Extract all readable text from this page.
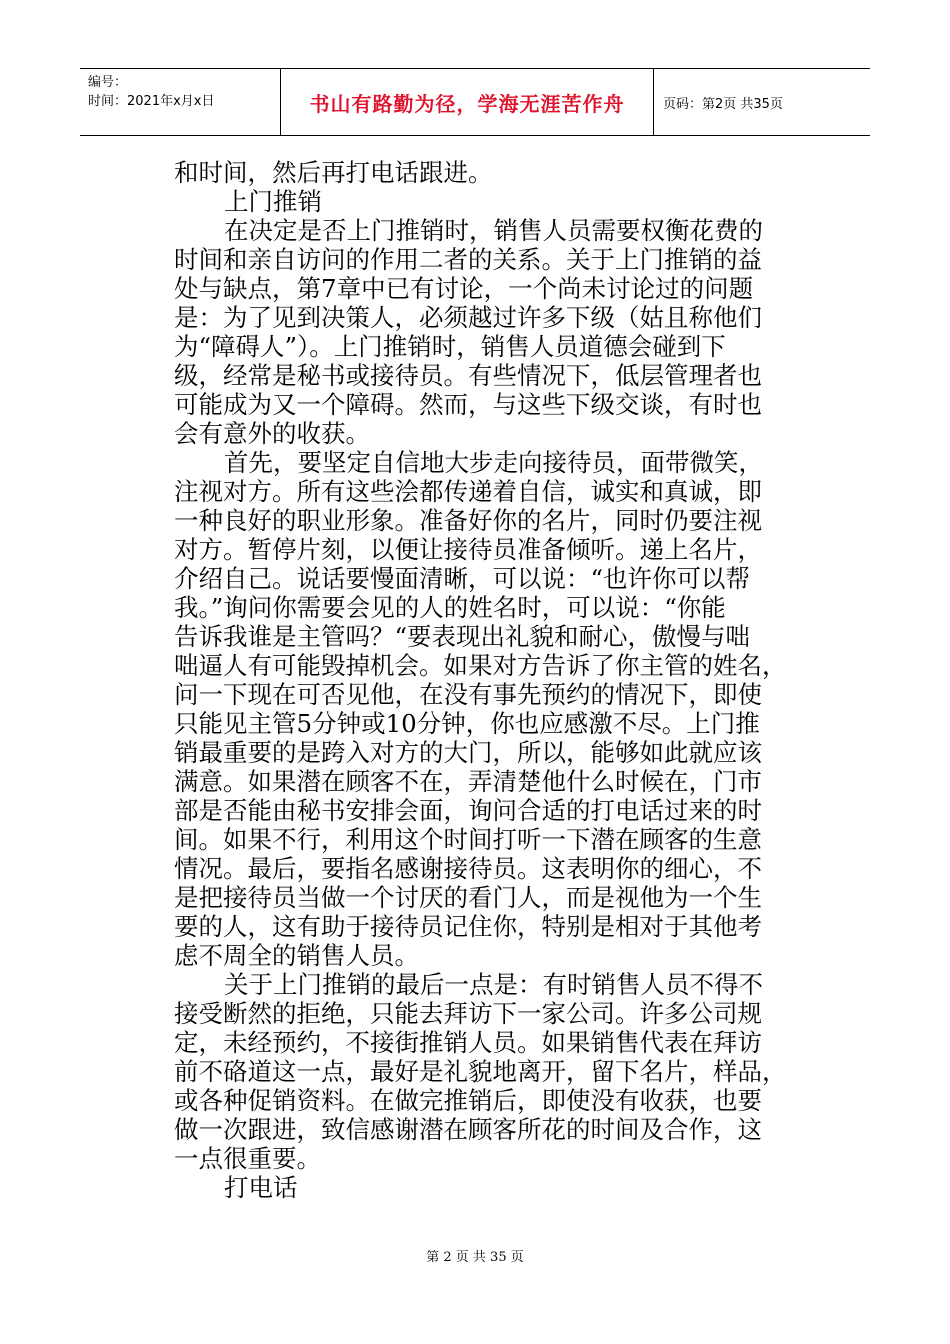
编号：
时间：2021年x月x日	书山有路勤为径，学海无涯苦作舟	页码：第2页 共35页
和时间，然后再打电话跟进。
上门推销
在决定是否上门推销时，销售人员需要权衡花费的
时间和亲自访问的作用二者的关系。关于上门推销的益
处与缺点，第7章中已有讨论，一个尚未讨论过的问题
是：为了见到决策人，必须越过许多下级（姑且称他们
为“障碍人”）。上门推销时，销售人员道德会碰到下
级，经常是秘书或接待员。有些情况下，低层管理者也
可能成为又一个障碍。然而，与这些下级交谈，有时也
会有意外的收获。
首先，要坚定自信地大步走向接待员，面带微笑，
注视对方。所有这些浍都传递着自信，诚实和真诚，即
一种良好的职业形象。准备好你的名片，同时仍要注视
对方。暂停片刻，以便让接待员准备倾听。递上名片，
介绍自己。说话要慢面清晰，可以说：“也许你可以帮
我。”询问你需要会见的人的姓名时，可以说：“你能
告诉我谁是主管吗？“要表现出礼貌和耐心，傲慢与咄
咄逼人有可能毁掉机会。如果对方告诉了你主管的姓名，
问一下现在可否见他，在没有事先预约的情况下，即使
只能见主管5分钟或10分钟，你也应感激不尽。上门推
销最重要的是跨入对方的大门，所以，能够如此就应该
满意。如果潜在顾客不在，弄清楚他什么时候在，门市
部是否能由秘书安排会面，询问合适的打电话过来的时
间。如果不行，利用这个时间打听一下潜在顾客的生意
情况。最后，要指名感谢接待员。这表明你的细心，不
是把接待员当做一个讨厌的看门人，而是视他为一个生
要的人，这有助于接待员记住你，特别是相对于其他考
虑不周全的销售人员。
关于上门推销的最后一点是：有时销售人员不得不
接受断然的拒绝，只能去拜访下一家公司。许多公司规
定，未经预约，不接街推销人员。如果销售代表在拜访
前不硌道这一点，最好是礼貌地离开，留下名片，样品，
或各种促销资料。在做完推销后，即使没有收获，也要
做一次跟进，致信感谢潜在顾客所花的时间及合作，这
一点很重要。
打电话
第 2 页 共 35 页
